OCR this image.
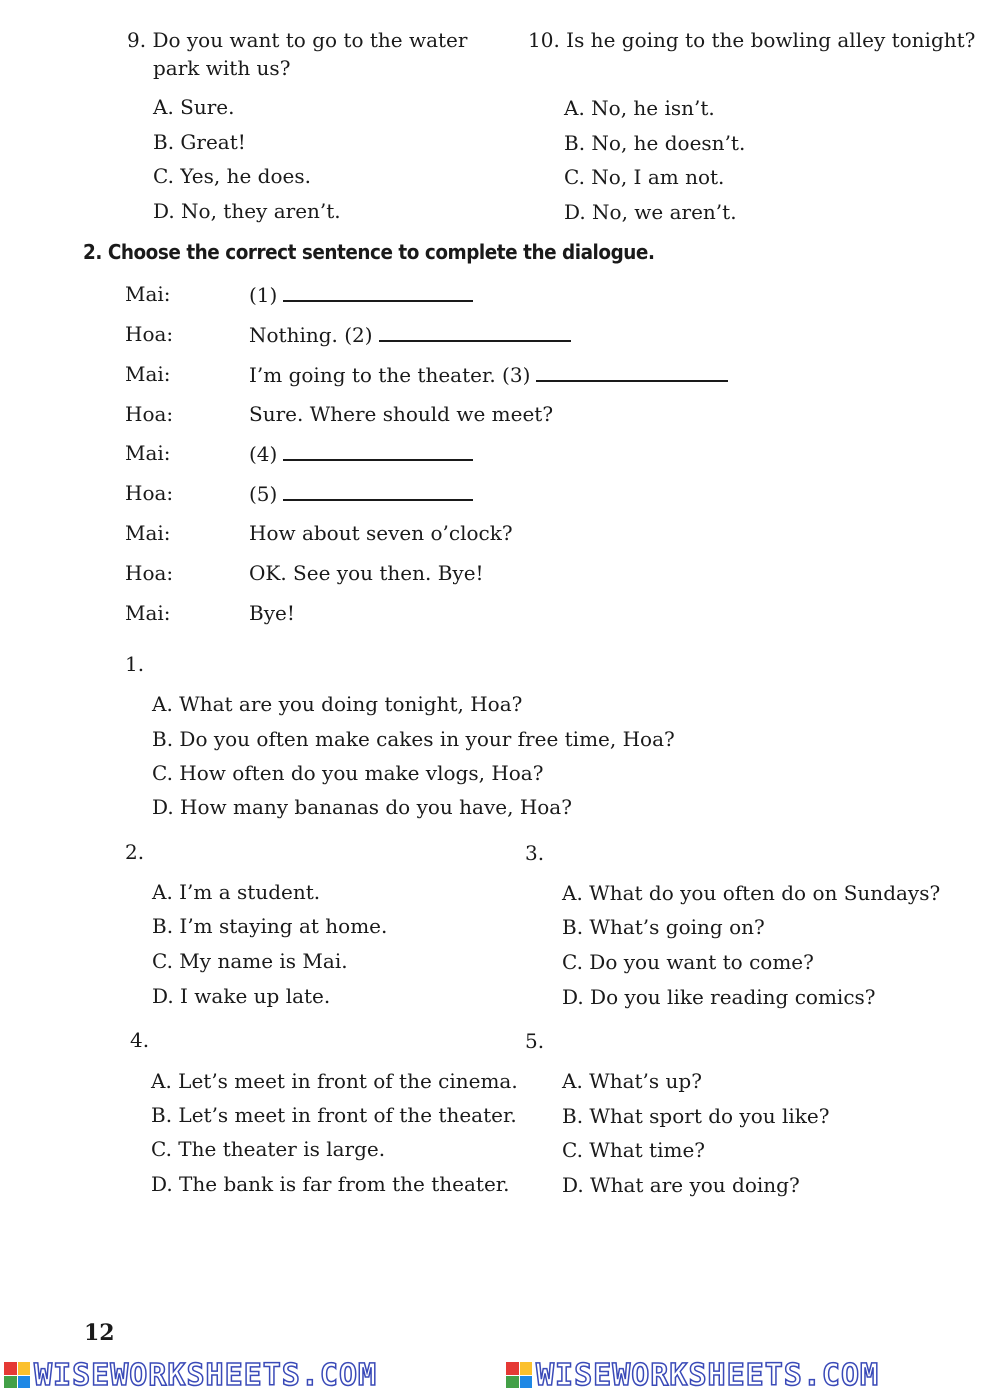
9. Do you want to go to the water
park with us?
A. Sure.
B. Great!
C. Yes, he does.
D. No, they aren’t.
10. Is he going to the bowling alley tonight?
A. No, he isn’t.
B. No, he doesn’t.
C. No, I am not.
D. No, we aren’t.
2. Choose the correct sentence to complete the dialogue.
Mai:	(1)
Hoa:	Nothing. (2)
Mai:	I’m going to the theater. (3)
Hoa:	Sure. Where should we meet?
Mai:	(4)
Hoa:	(5)
Mai:	How about seven o’clock?
Hoa:	OK. See you then. Bye!
Mai:	Bye!
1.
A. What are you doing tonight, Hoa?
B. Do you often make cakes in your free time, Hoa?
C. How often do you make vlogs, Hoa?
D. How many bananas do you have, Hoa?
2.
A. I’m a student.
B. I’m staying at home.
C. My name is Mai.
D. I wake up late.
3.
A. What do you often do on Sundays?
B. What’s going on?
C. Do you want to come?
D. Do you like reading comics?
4.
A. Let’s meet in front of the cinema.
B. Let’s meet in front of the theater.
C. The theater is large.
D. The bank is far from the theater.
5.
A. What’s up?
B. What sport do you like?
C. What time?
D. What are you doing?
12
WISEWORKSHEETS.COM	WISEWORKSHEETS.COM
